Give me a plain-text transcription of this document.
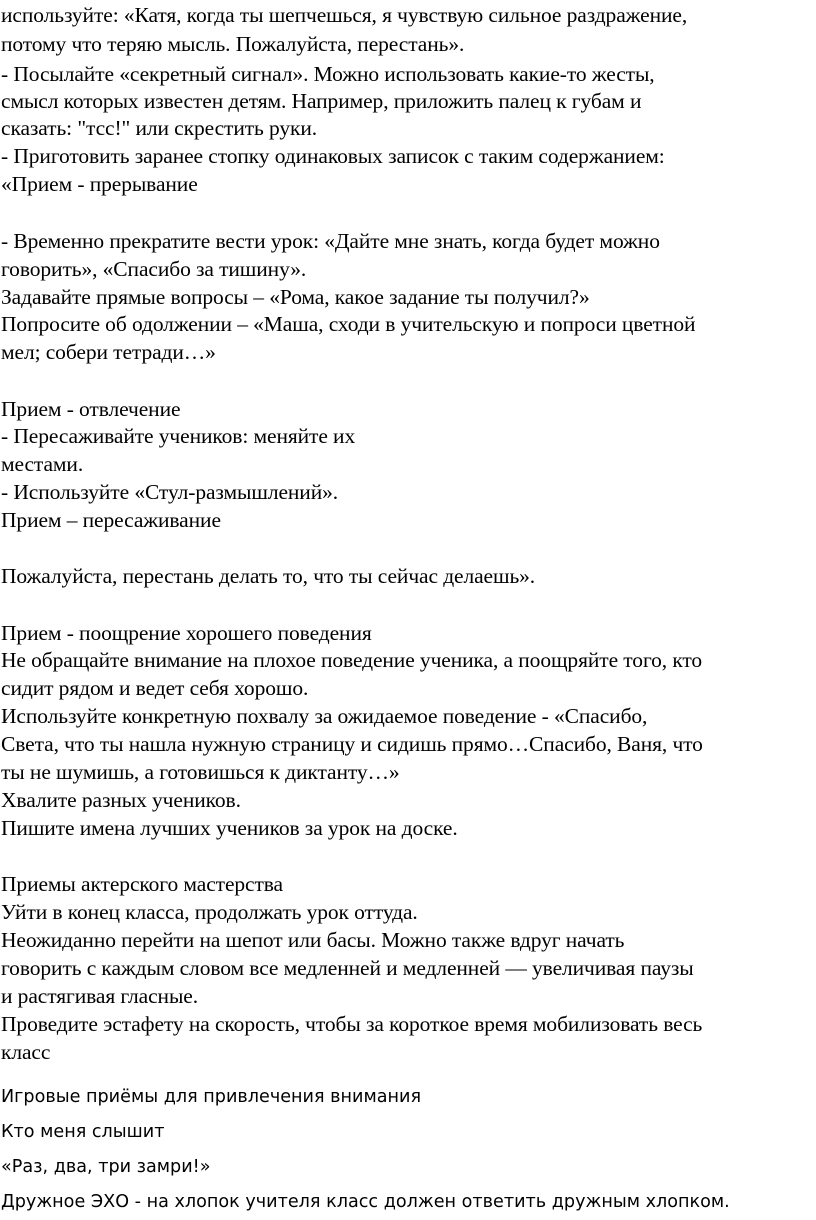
используйте: «Катя, когда ты шепчешься, я чувствую сильное раздражение,
потому что теряю мысль. Пожалуйста, перестань».
- Посылайте «секретный сигнал». Можно использовать какие-то жесты,
смысл которых известен детям. Например, приложить палец к губам и
сказать: "тсс!" или скрестить руки.
- Приготовить заранее стопку одинаковых записок с таким содержанием:
«Прием - прерывание
- Временно прекратите вести урок: «Дайте мне знать, когда будет можно
говорить», «Спасибо за тишину».
Задавайте прямые вопросы – «Рома, какое задание ты получил?»
Попросите об одолжении – «Маша, сходи в учительскую и попроси цветной
мел; собери тетради…»
Прием - отвлечение
- Пересаживайте учеников: меняйте их
местами.
- Используйте «Стул-размышлений».
Прием – пересаживание
Пожалуйста, перестань делать то, что ты сейчас делаешь».
Прием - поощрение хорошего поведения
Не обращайте внимание на плохое поведение ученика, а поощряйте того, кто
сидит рядом и ведет себя хорошо.
Используйте конкретную похвалу за ожидаемое поведение - «Спасибо,
Света, что ты нашла нужную страницу и сидишь прямо…Спасибо, Ваня, что
ты не шумишь, а готовишься к диктанту…»
Хвалите разных учеников.
Пишите имена лучших учеников за урок на доске.
Приемы актерского мастерства
Уйти в конец класса, продолжать урок оттуда.
Неожиданно перейти на шепот или басы. Можно также вдруг начать
говорить с каждым словом все медленней и медленней — увеличивая паузы
и растягивая гласные.
Проведите эстафету на скорость, чтобы за короткое время мобилизовать весь
класс
Игровые приёмы для привлечения внимания
Кто меня слышит
«Раз, два, три замри!»
Дружное ЭХО - на хлопок учителя класс должен ответить дружным хлопком.
